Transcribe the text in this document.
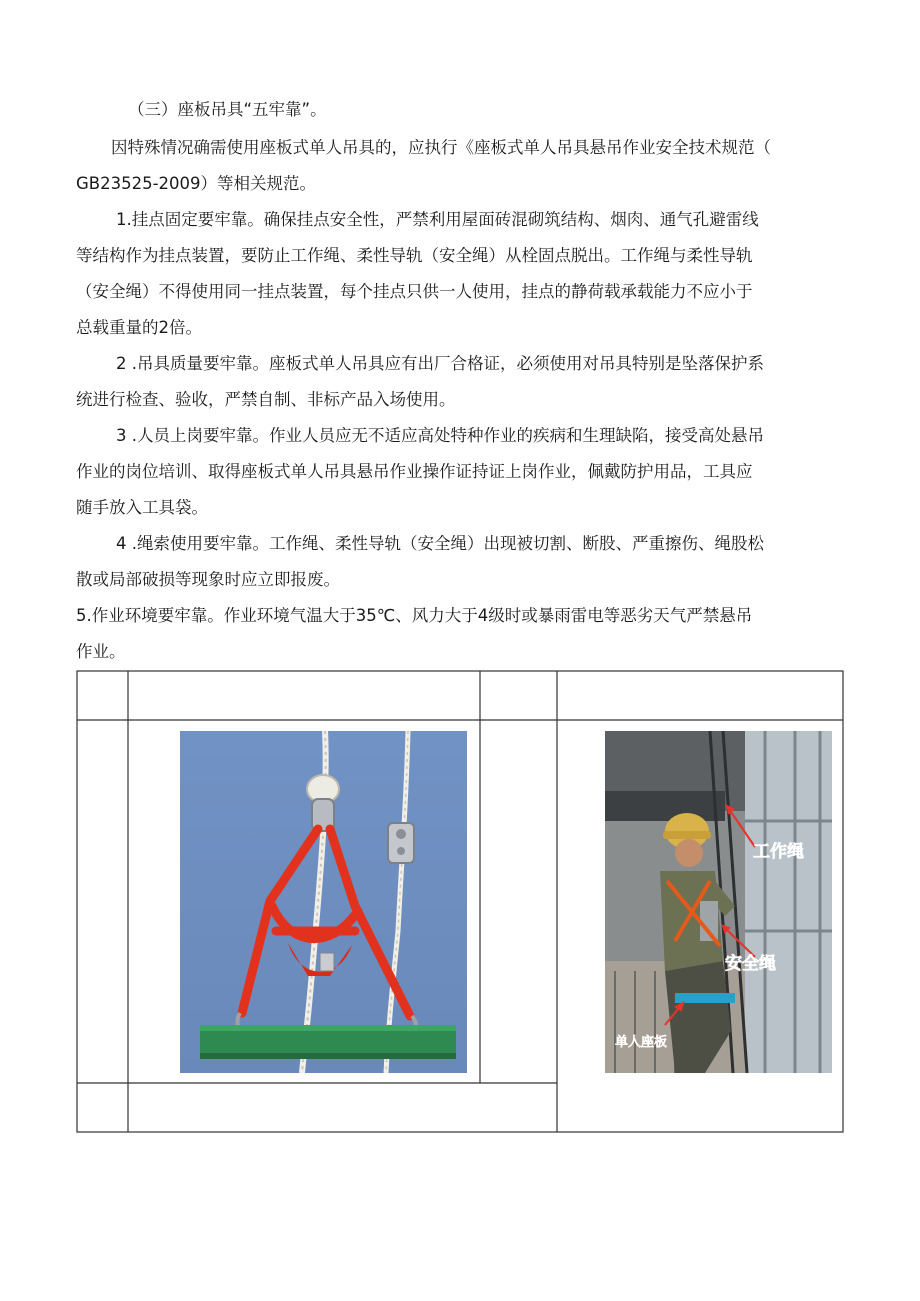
（三）座板吊具“五牢靠”。
因特殊情况确需使用座板式单人吊具的，应执行《座板式单人吊具悬吊作业安全技术规范（
GB23525-2009）等相关规范。
1.挂点固定要牢靠。确保挂点安全性，严禁利用屋面砖混砌筑结构、烟肉、通气孔避雷线
等结构作为挂点装置，要防止工作绳、柔性导轨（安全绳）从栓固点脱出。工作绳与柔性导轨
（安全绳）不得使用同一挂点装置，每个挂点只供一人使用，挂点的静荷载承载能力不应小于
总载重量的2倍。
2 .吊具质量要牢靠。座板式单人吊具应有出厂合格证，必须使用对吊具特别是坠落保护系
统进行检查、验收，严禁自制、非标产品入场使用。
3 .人员上岗要牢靠。作业人员应无不适应高处特种作业的疾病和生理缺陷，接受高处悬吊
作业的岗位培训、取得座板式单人吊具悬吊作业操作证持证上岗作业，佩戴防护用品，工具应
随手放入工具袋。
4 .绳索使用要牢靠。工作绳、柔性导轨（安全绳）出现被切割、断股、严重擦伤、绳股松
散或局部破损等现象时应立即报废。
5.作业环境要牢靠。作业环境气温大于35℃、风力大于4级时或暴雨雷电等恶劣天气严禁悬吊
作业。
工作绳
安全绳
单人座板
